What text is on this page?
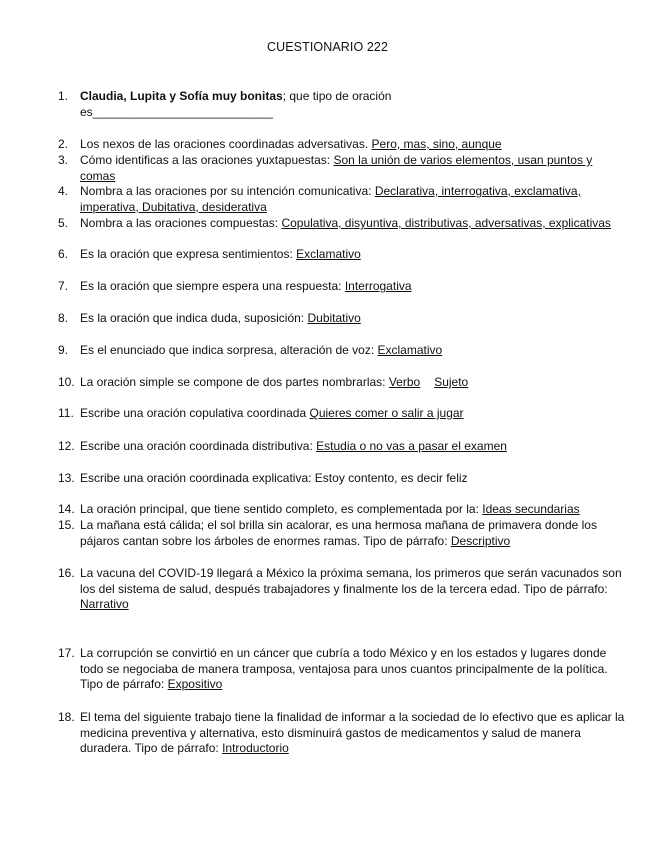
CUESTIONARIO 222
1. Claudia, Lupita y Sofía muy bonitas; que tipo de oración
es___________________________
2. Los nexos de las oraciones coordinadas adversativas. Pero, mas, sino, aunque
3. Cómo identificas a las oraciones yuxtapuestas: Son la unión de varios elementos, usan puntos y comas
4. Nombra a las oraciones por su intención comunicativa: Declarativa, interrogativa, exclamativa, imperativa, Dubitativa, desiderativa
5. Nombra a las oraciones compuestas: Copulativa, disyuntiva, distributivas, adversativas, explicativas
6. Es la oración que expresa sentimientos: Exclamativo
7. Es la oración que siempre espera una respuesta: Interrogativa
8. Es la oración que indica duda, suposición: Dubitativo
9. Es el enunciado que indica sorpresa, alteración de voz: Exclamativo
10. La oración simple se compone de dos partes nombrarlas: Verbo Sujeto
11. Escribe una oración copulativa coordinada Quieres comer o salir a jugar
12. Escribe una oración coordinada distributiva: Estudia o no vas a pasar el examen
13. Escribe una oración coordinada explicativa: Estoy contento, es decir feliz
14. La oración principal, que tiene sentido completo, es complementada por la: Ideas secundarias
15. La mañana está cálida; el sol brilla sin acalorar, es una hermosa mañana de primavera donde los pájaros cantan sobre los árboles de enormes ramas. Tipo de párrafo: Descriptivo
16. La vacuna del COVID-19 llegará a México la próxima semana, los primeros que serán vacunados son los del sistema de salud, después trabajadores y finalmente los de la tercera edad. Tipo de párrafo: Narrativo
17. La corrupción se convirtió en un cáncer que cubría a todo México y en los estados y lugares donde todo se negociaba de manera tramposa, ventajosa para unos cuantos principalmente de la política. Tipo de párrafo: Expositivo
18. El tema del siguiente trabajo tiene la finalidad de informar a la sociedad de lo efectivo que es aplicar la medicina preventiva y alternativa, esto disminuirá gastos de medicamentos y salud de manera duradera. Tipo de párrafo: Introductorio
